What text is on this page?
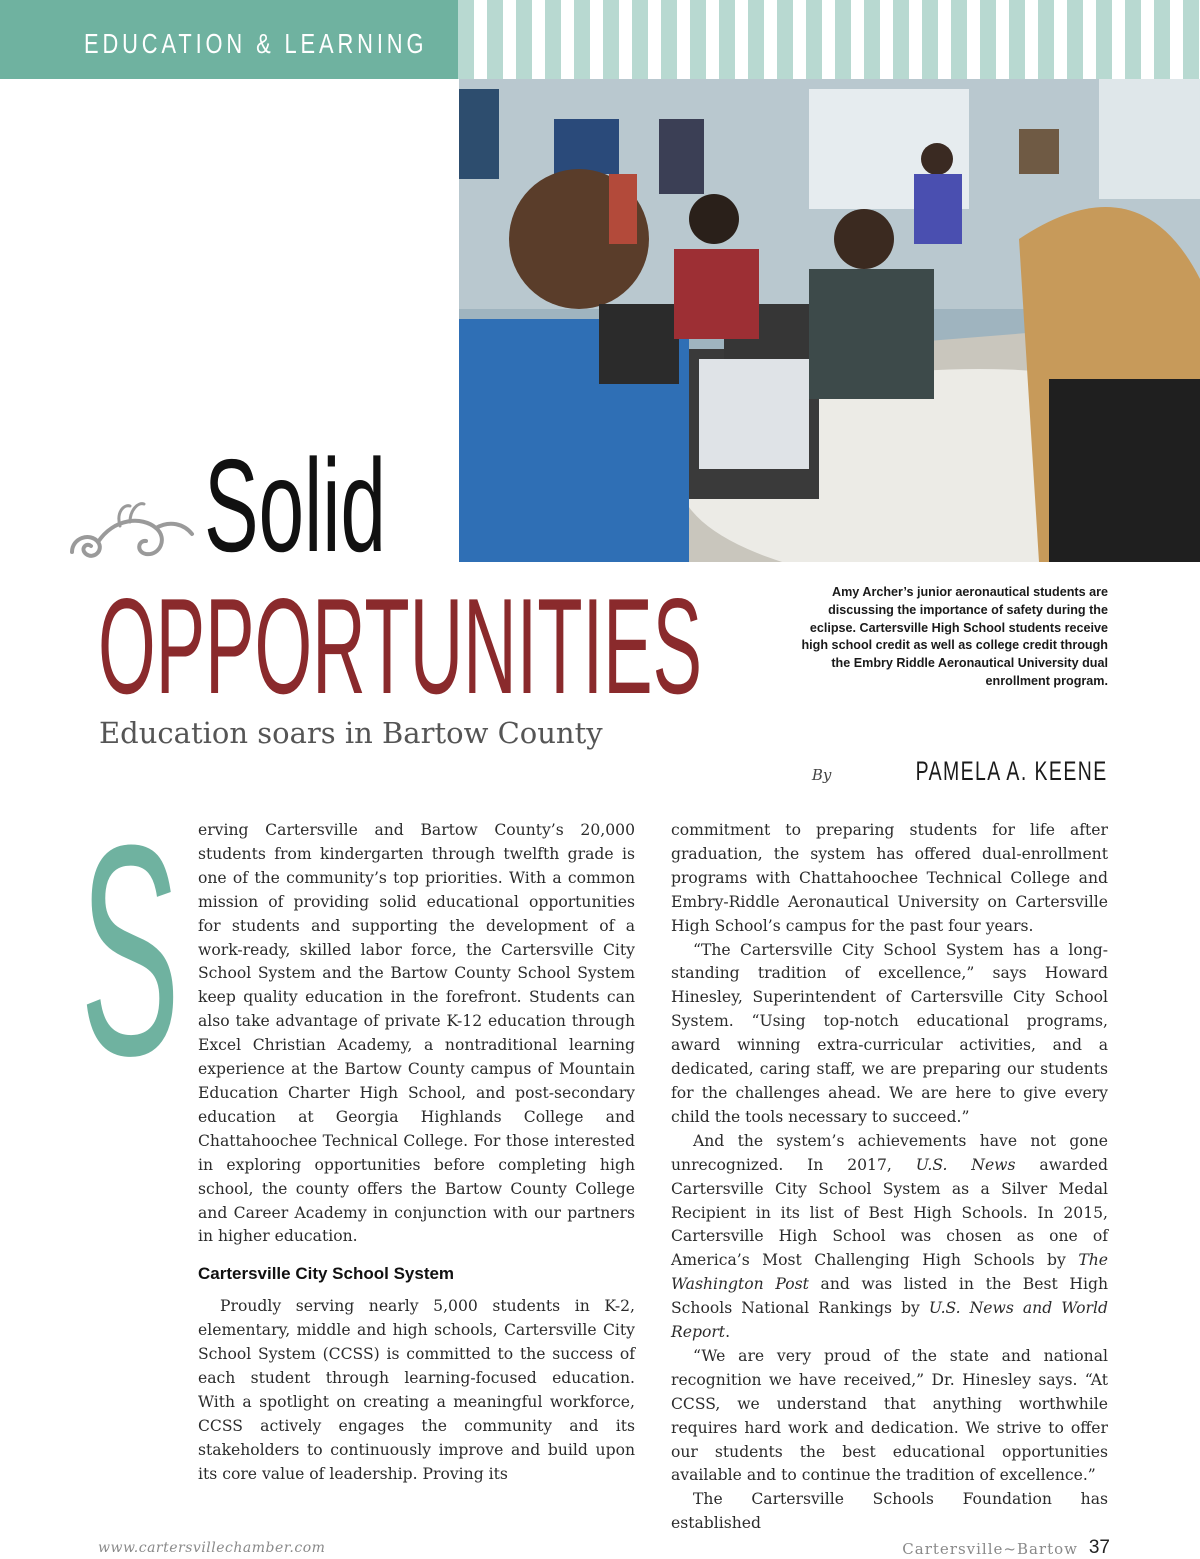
EDUCATION & LEARNING
Solid
OPPORTUNITIES
Education soars in Bartow County
Amy Archer’s junior aeronautical students are discussing the importance of safety during the eclipse. Cartersville High School students receive high school credit as well as college credit through the Embry Riddle Aeronautical University dual enrollment program.
By	PAMELA A. KEENE
S erving Cartersville and Bartow County’s 20,000 students from kindergarten through twelfth grade is one of the community’s top priorities. With a common mission of providing solid educational opportunities for students and supporting the development of a work-ready, skilled labor force, the Cartersville City School System and the Bartow County School System keep quality education in the forefront. Students can also take advantage of private K-12 education through Excel Christian Academy, a nontraditional learning experience at the Bartow County campus of Mountain Education Charter High School, and post-secondary education at Georgia Highlands College and Chattahoochee Technical College. For those interested in exploring opportunities before completing high school, the county offers the Bartow County College and Career Academy in conjunction with our partners in higher education.

Cartersville City School System

Proudly serving nearly 5,000 students in K-2, elementary, middle and high schools, Cartersville City School System (CCSS) is committed to the success of each student through learning-focused education. With a spotlight on creating a meaningful workforce, CCSS actively engages the community and its stakeholders to continuously improve and build upon its core value of leadership. Proving its

commitment to preparing students for life after graduation, the system has offered dual-enrollment programs with Chattahoochee Technical College and Embry-Riddle Aeronautical University on Cartersville High School’s campus for the past four years.

“The Cartersville City School System has a long-standing tradition of excellence,” says Howard Hinesley, Superintendent of Cartersville City School System. “Using top-notch educational programs, award winning extra-curricular activities, and a dedicated, caring staff, we are preparing our students for the challenges ahead. We are here to give every child the tools necessary to succeed.”

And the system’s achievements have not gone unrecognized. In 2017, U.S. News awarded Cartersville City School System as a Silver Medal Recipient in its list of Best High Schools. In 2015, Cartersville High School was chosen as one of America’s Most Challenging High Schools by The Washington Post and was listed in the Best High Schools National Rankings by U.S. News and World Report.

“We are very proud of the state and national recognition we have received,” Dr. Hinesley says. “At CCSS, we understand that anything worthwhile requires hard work and dedication. We strive to offer our students the best educational opportunities available and to continue the tradition of excellence.”

The Cartersville Schools Foundation has established

www.cartersvillechamber.com	Cartersville~Bartow 37
